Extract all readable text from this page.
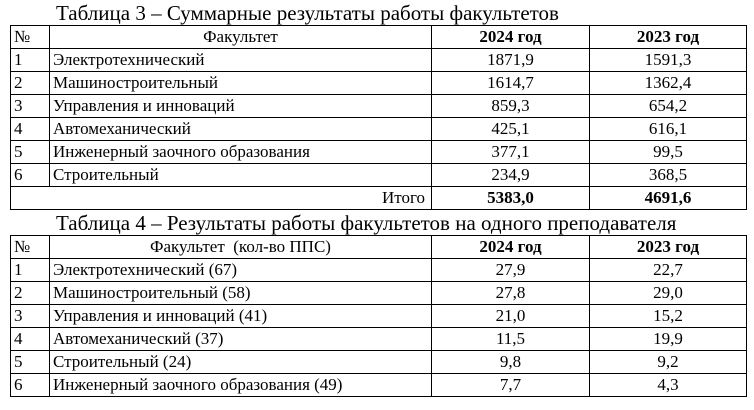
Таблица 3 – Суммарные результаты работы факультетов
№	Факультет	2024 год	2023 год
1	Электротехнический	1871,9	1591,3
2	Машиностроительный	1614,7	1362,4
3	Управления и инноваций	859,3	654,2
4	Автомеханический	425,1	616,1
5	Инженерный заочного образования	377,1	99,5
6	Строительный	234,9	368,5
	Итого	5383,0	4691,6
Таблица 4 – Результаты работы факультетов на одного преподавателя
№	Факультет  (кол-во ППС)	2024 год	2023 год
1	Электротехнический (67)	27,9	22,7
2	Машиностроительный (58)	27,8	29,0
3	Управления и инноваций (41)	21,0	15,2
4	Автомеханический (37)	11,5	19,9
5	Строительный (24)	9,8	9,2
6	Инженерный заочного образования (49)	7,7	4,3
